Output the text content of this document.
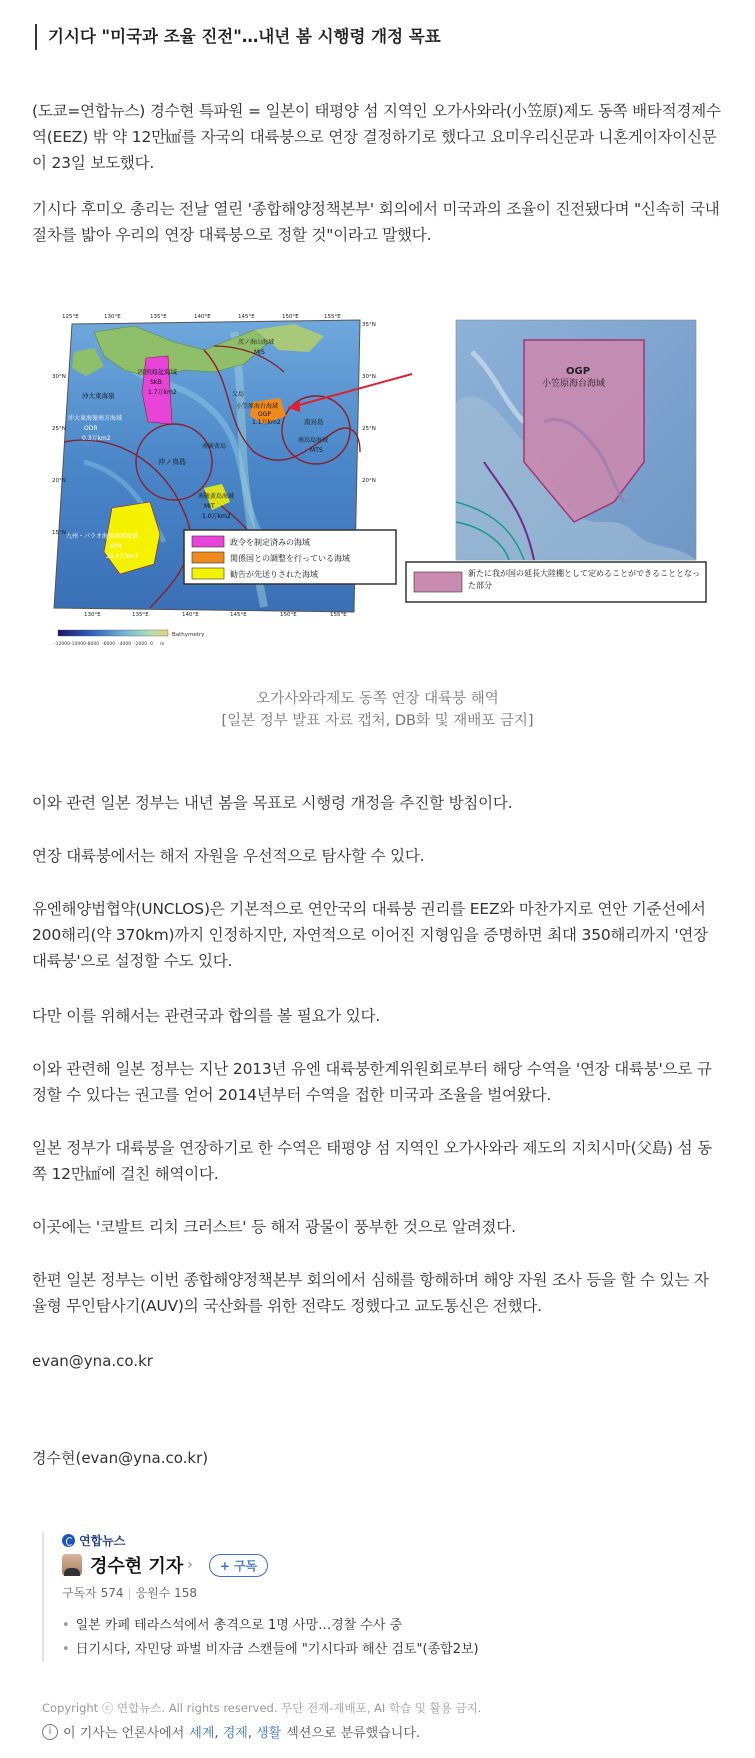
기시다 "미국과 조율 진전"…내년 봄 시행령 개정 목표

(도쿄=연합뉴스) 경수현 특파원 = 일본이 태평양 섬 지역인 오가사와라(小笠原)제도 동쪽 배타적경제수역(EEZ) 밖 약 12만㎢를 자국의 대륙붕으로 연장 결정하기로 했다고 요미우리신문과 니혼게이자이신문이 23일 보도했다.

기시다 후미오 총리는 전날 열린 '종합해양정책본부' 회의에서 미국과의 조율이 진전됐다며 "신속히 국내 절차를 밟아 우리의 연장 대륙붕으로 정할 것"이라고 말했다.

四国海盆海域
SKB
1.7万km2
沖大東海嶺
沖大東海嶺南方海域
ODR
0.3万km2
沖ノ鳥島
南硫黄島海域
MIT
1.0万km2
南硫黄島
父島
小笠原海台海域
OGP
1.1万km2	南鳥島
南鳥島海域
MTS
茨ノ海山海域
MJS
九州・パラオ海嶺南部海域
KPR
25.2万km2
125°E	130°E	135°E	140°E	145°E	150°E	155°E
35°N
30°N
25°N
20°N
30°N
25°N
20°N
15°N
130°E	135°E	140°E	145°E	150°E	155°E
政令を制定済みの海域
関係国との調整を行っている海域
勧告が先送りされた海域
Bathymetry
-12000 -10000 -8000 -6000 -4000 -2000 0 m
OGP
小笠原海台海域
新たに我が国の延長大陸棚として定めることができることとなった部分
오가사와라제도 동쪽 연장 대륙붕 해역
[일본 정부 발표 자료 캡처, DB화 및 재배포 금지]

이와 관련 일본 정부는 내년 봄을 목표로 시행령 개정을 추진할 방침이다.

연장 대륙붕에서는 해저 자원을 우선적으로 탐사할 수 있다.

유엔해양법협약(UNCLOS)은 기본적으로 연안국의 대륙붕 권리를 EEZ와 마찬가지로 연안 기준선에서 200해리(약 370km)까지 인정하지만, 자연적으로 이어진 지형임을 증명하면 최대 350해리까지 '연장 대륙붕'으로 설정할 수도 있다.

다만 이를 위해서는 관련국과 합의를 볼 필요가 있다.

이와 관련해 일본 정부는 지난 2013년 유엔 대륙붕한계위원회로부터 해당 수역을 '연장 대륙붕'으로 규정할 수 있다는 권고를 얻어 2014년부터 수역을 접한 미국과 조율을 벌여왔다.

일본 정부가 대륙붕을 연장하기로 한 수역은 태평양 섬 지역인 오가사와라 제도의 지치시마(父島) 섬 동쪽 12만㎢에 걸친 해역이다.

이곳에는 '코발트 리치 크러스트' 등 해저 광물이 풍부한 것으로 알려졌다.

한편 일본 정부는 이번 종합해양정책본부 회의에서 심해를 항해하며 해양 자원 조사 등을 할 수 있는 자율형 무인탐사기(AUV)의 국산화를 위한 전략도 정했다고 교도통신은 전했다.

evan@yna.co.kr
경수현(evan@yna.co.kr)
연합뉴스
경수현 기자 ›	+ 구독
구독자 574 | 응원수 158
• 일본 카페 테라스석에서 총격으로 1명 사망…경찰 수사 중
• 日기시다, 자민당 파벌 비자금 스캔들에 "기시다파 해산 검토"(종합2보)
Copyright ⓒ 연합뉴스. All rights reserved. 무단 전재-재배포, AI 학습 및 활용 금지.
i 이 기사는 언론사에서 세계, 경제, 생활 섹션으로 분류했습니다.
